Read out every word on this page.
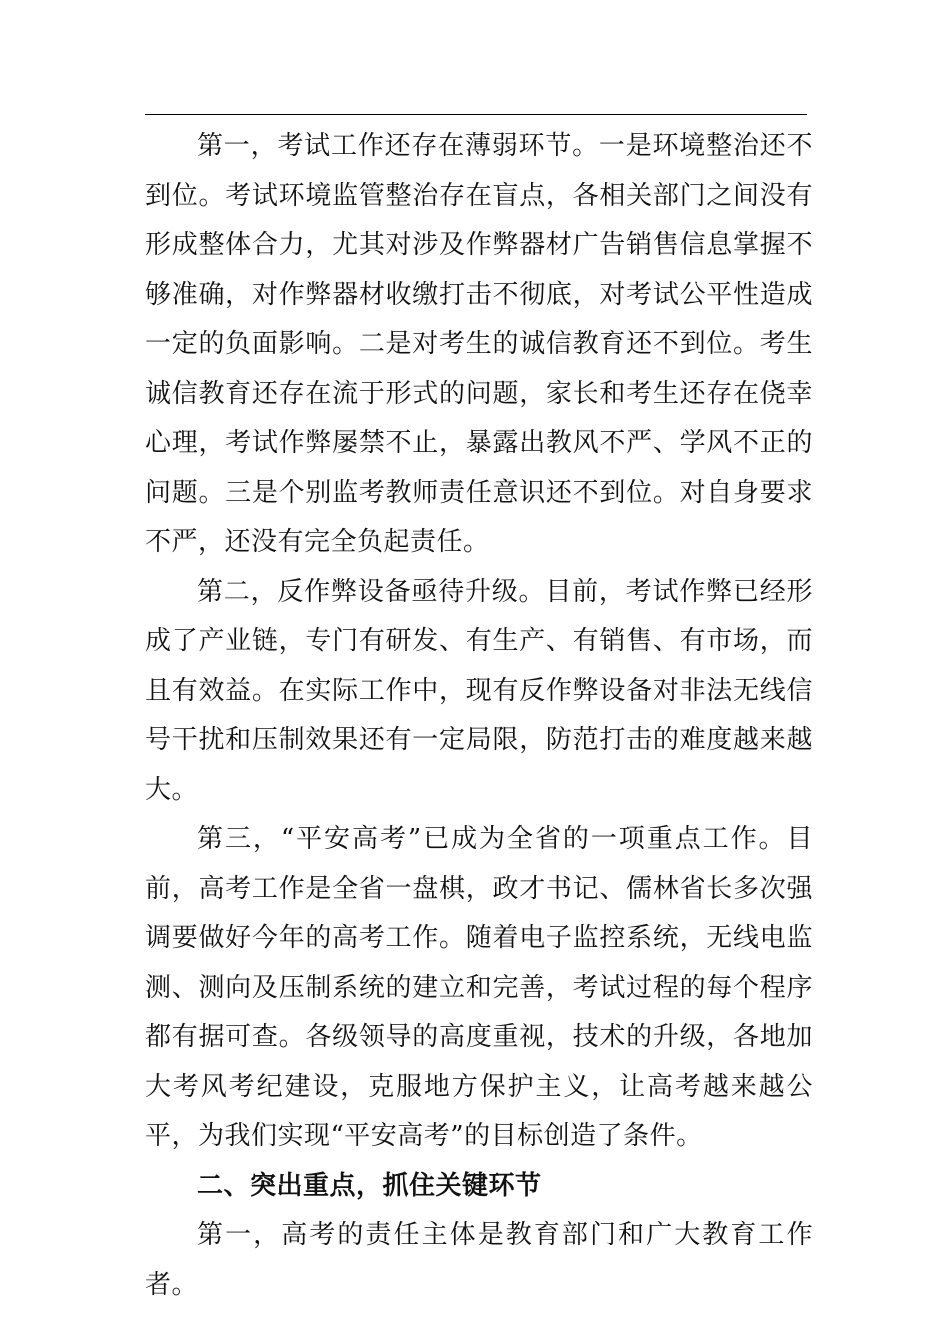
第一，考试工作还存在薄弱环节。一是环境整治还不到位。考试环境监管整治存在盲点，各相关部门之间没有形成整体合力，尤其对涉及作弊器材广告销售信息掌握不够准确，对作弊器材收缴打击不彻底，对考试公平性造成一定的负面影响。二是对考生的诚信教育还不到位。考生诚信教育还存在流于形式的问题，家长和考生还存在侥幸心理，考试作弊屡禁不止，暴露出教风不严、学风不正的问题。三是个别监考教师责任意识还不到位。对自身要求不严，还没有完全负起责任。

第二，反作弊设备亟待升级。目前，考试作弊已经形成了产业链，专门有研发、有生产、有销售、有市场，而且有效益。在实际工作中，现有反作弊设备对非法无线信号干扰和压制效果还有一定局限，防范打击的难度越来越大。

第三，“平安高考”已成为全省的一项重点工作。目前，高考工作是全省一盘棋，政才书记、儒林省长多次强调要做好今年的高考工作。随着电子监控系统，无线电监测、测向及压制系统的建立和完善，考试过程的每个程序都有据可查。各级领导的高度重视，技术的升级，各地加大考风考纪建设，克服地方保护主义，让高考越来越公平，为我们实现“平安高考”的目标创造了条件。

二、突出重点，抓住关键环节

第一，高考的责任主体是教育部门和广大教育工作者。
